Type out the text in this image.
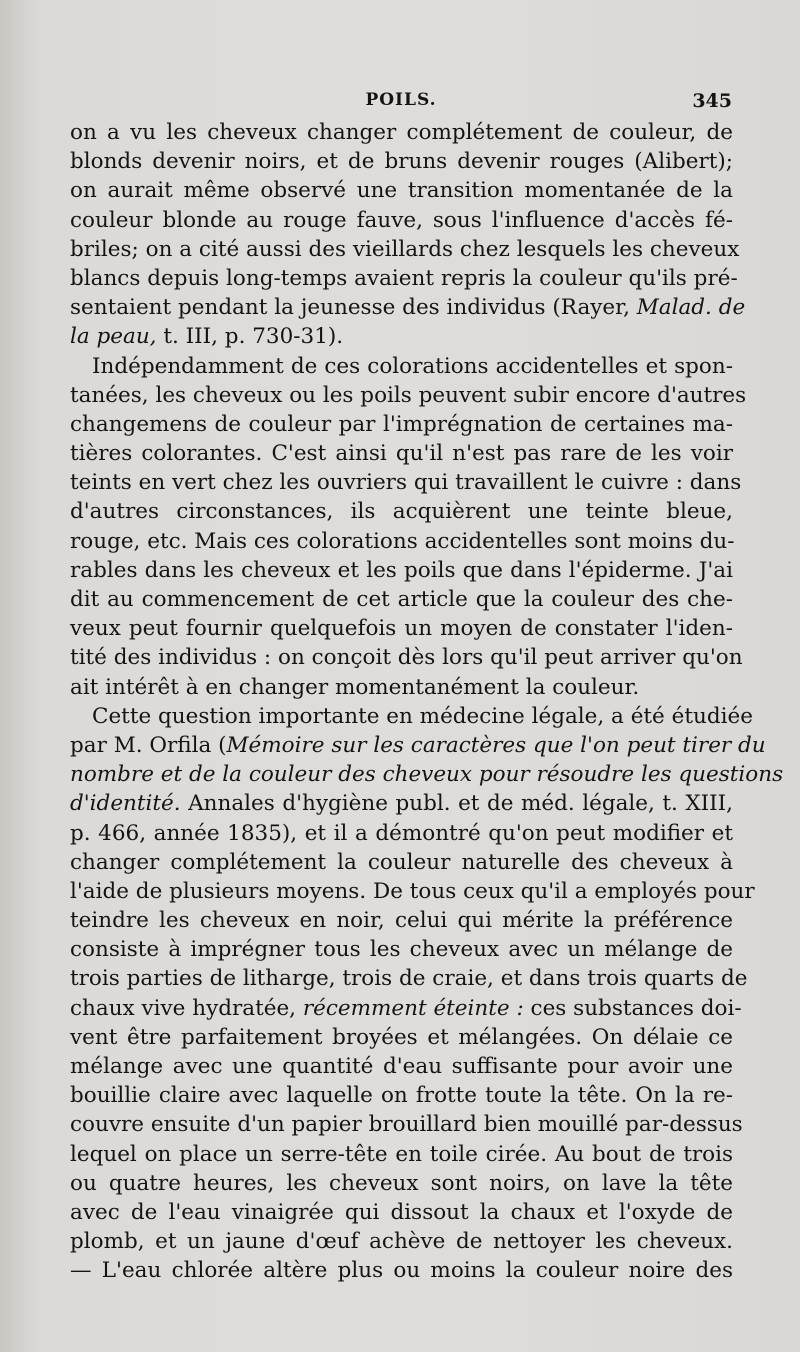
POILS.	345
on a vu les cheveux changer complétement de couleur, de
blonds devenir noirs, et de bruns devenir rouges (Alibert);
on aurait même observé une transition momentanée de la
couleur blonde au rouge fauve, sous l'influence d'accès fé-
briles; on a cité aussi des vieillards chez lesquels les cheveux
blancs depuis long-temps avaient repris la couleur qu'ils pré-
sentaient pendant la jeunesse des individus (Rayer, Malad. de
la peau, t. III, p. 730-31).
Indépendamment de ces colorations accidentelles et spon-
tanées, les cheveux ou les poils peuvent subir encore d'autres
changemens de couleur par l'imprégnation de certaines ma-
tières colorantes. C'est ainsi qu'il n'est pas rare de les voir
teints en vert chez les ouvriers qui travaillent le cuivre : dans
d'autres circonstances, ils acquièrent une teinte bleue,
rouge, etc. Mais ces colorations accidentelles sont moins du-
rables dans les cheveux et les poils que dans l'épiderme. J'ai
dit au commencement de cet article que la couleur des che-
veux peut fournir quelquefois un moyen de constater l'iden-
tité des individus : on conçoit dès lors qu'il peut arriver qu'on
ait intérêt à en changer momentanément la couleur.
Cette question importante en médecine légale, a été étudiée
par M. Orfila (Mémoire sur les caractères que l'on peut tirer du
nombre et de la couleur des cheveux pour résoudre les questions
d'identité. Annales d'hygiène publ. et de méd. légale, t. XIII,
p. 466, année 1835), et il a démontré qu'on peut modifier et
changer complétement la couleur naturelle des cheveux à
l'aide de plusieurs moyens. De tous ceux qu'il a employés pour
teindre les cheveux en noir, celui qui mérite la préférence
consiste à imprégner tous les cheveux avec un mélange de
trois parties de litharge, trois de craie, et dans trois quarts de
chaux vive hydratée, récemment éteinte : ces substances doi-
vent être parfaitement broyées et mélangées. On délaie ce
mélange avec une quantité d'eau suffisante pour avoir une
bouillie claire avec laquelle on frotte toute la tête. On la re-
couvre ensuite d'un papier brouillard bien mouillé par-dessus
lequel on place un serre-tête en toile cirée. Au bout de trois
ou quatre heures, les cheveux sont noirs, on lave la tête
avec de l'eau vinaigrée qui dissout la chaux et l'oxyde de
plomb, et un jaune d'œuf achève de nettoyer les cheveux.
— L'eau chlorée altère plus ou moins la couleur noire des
